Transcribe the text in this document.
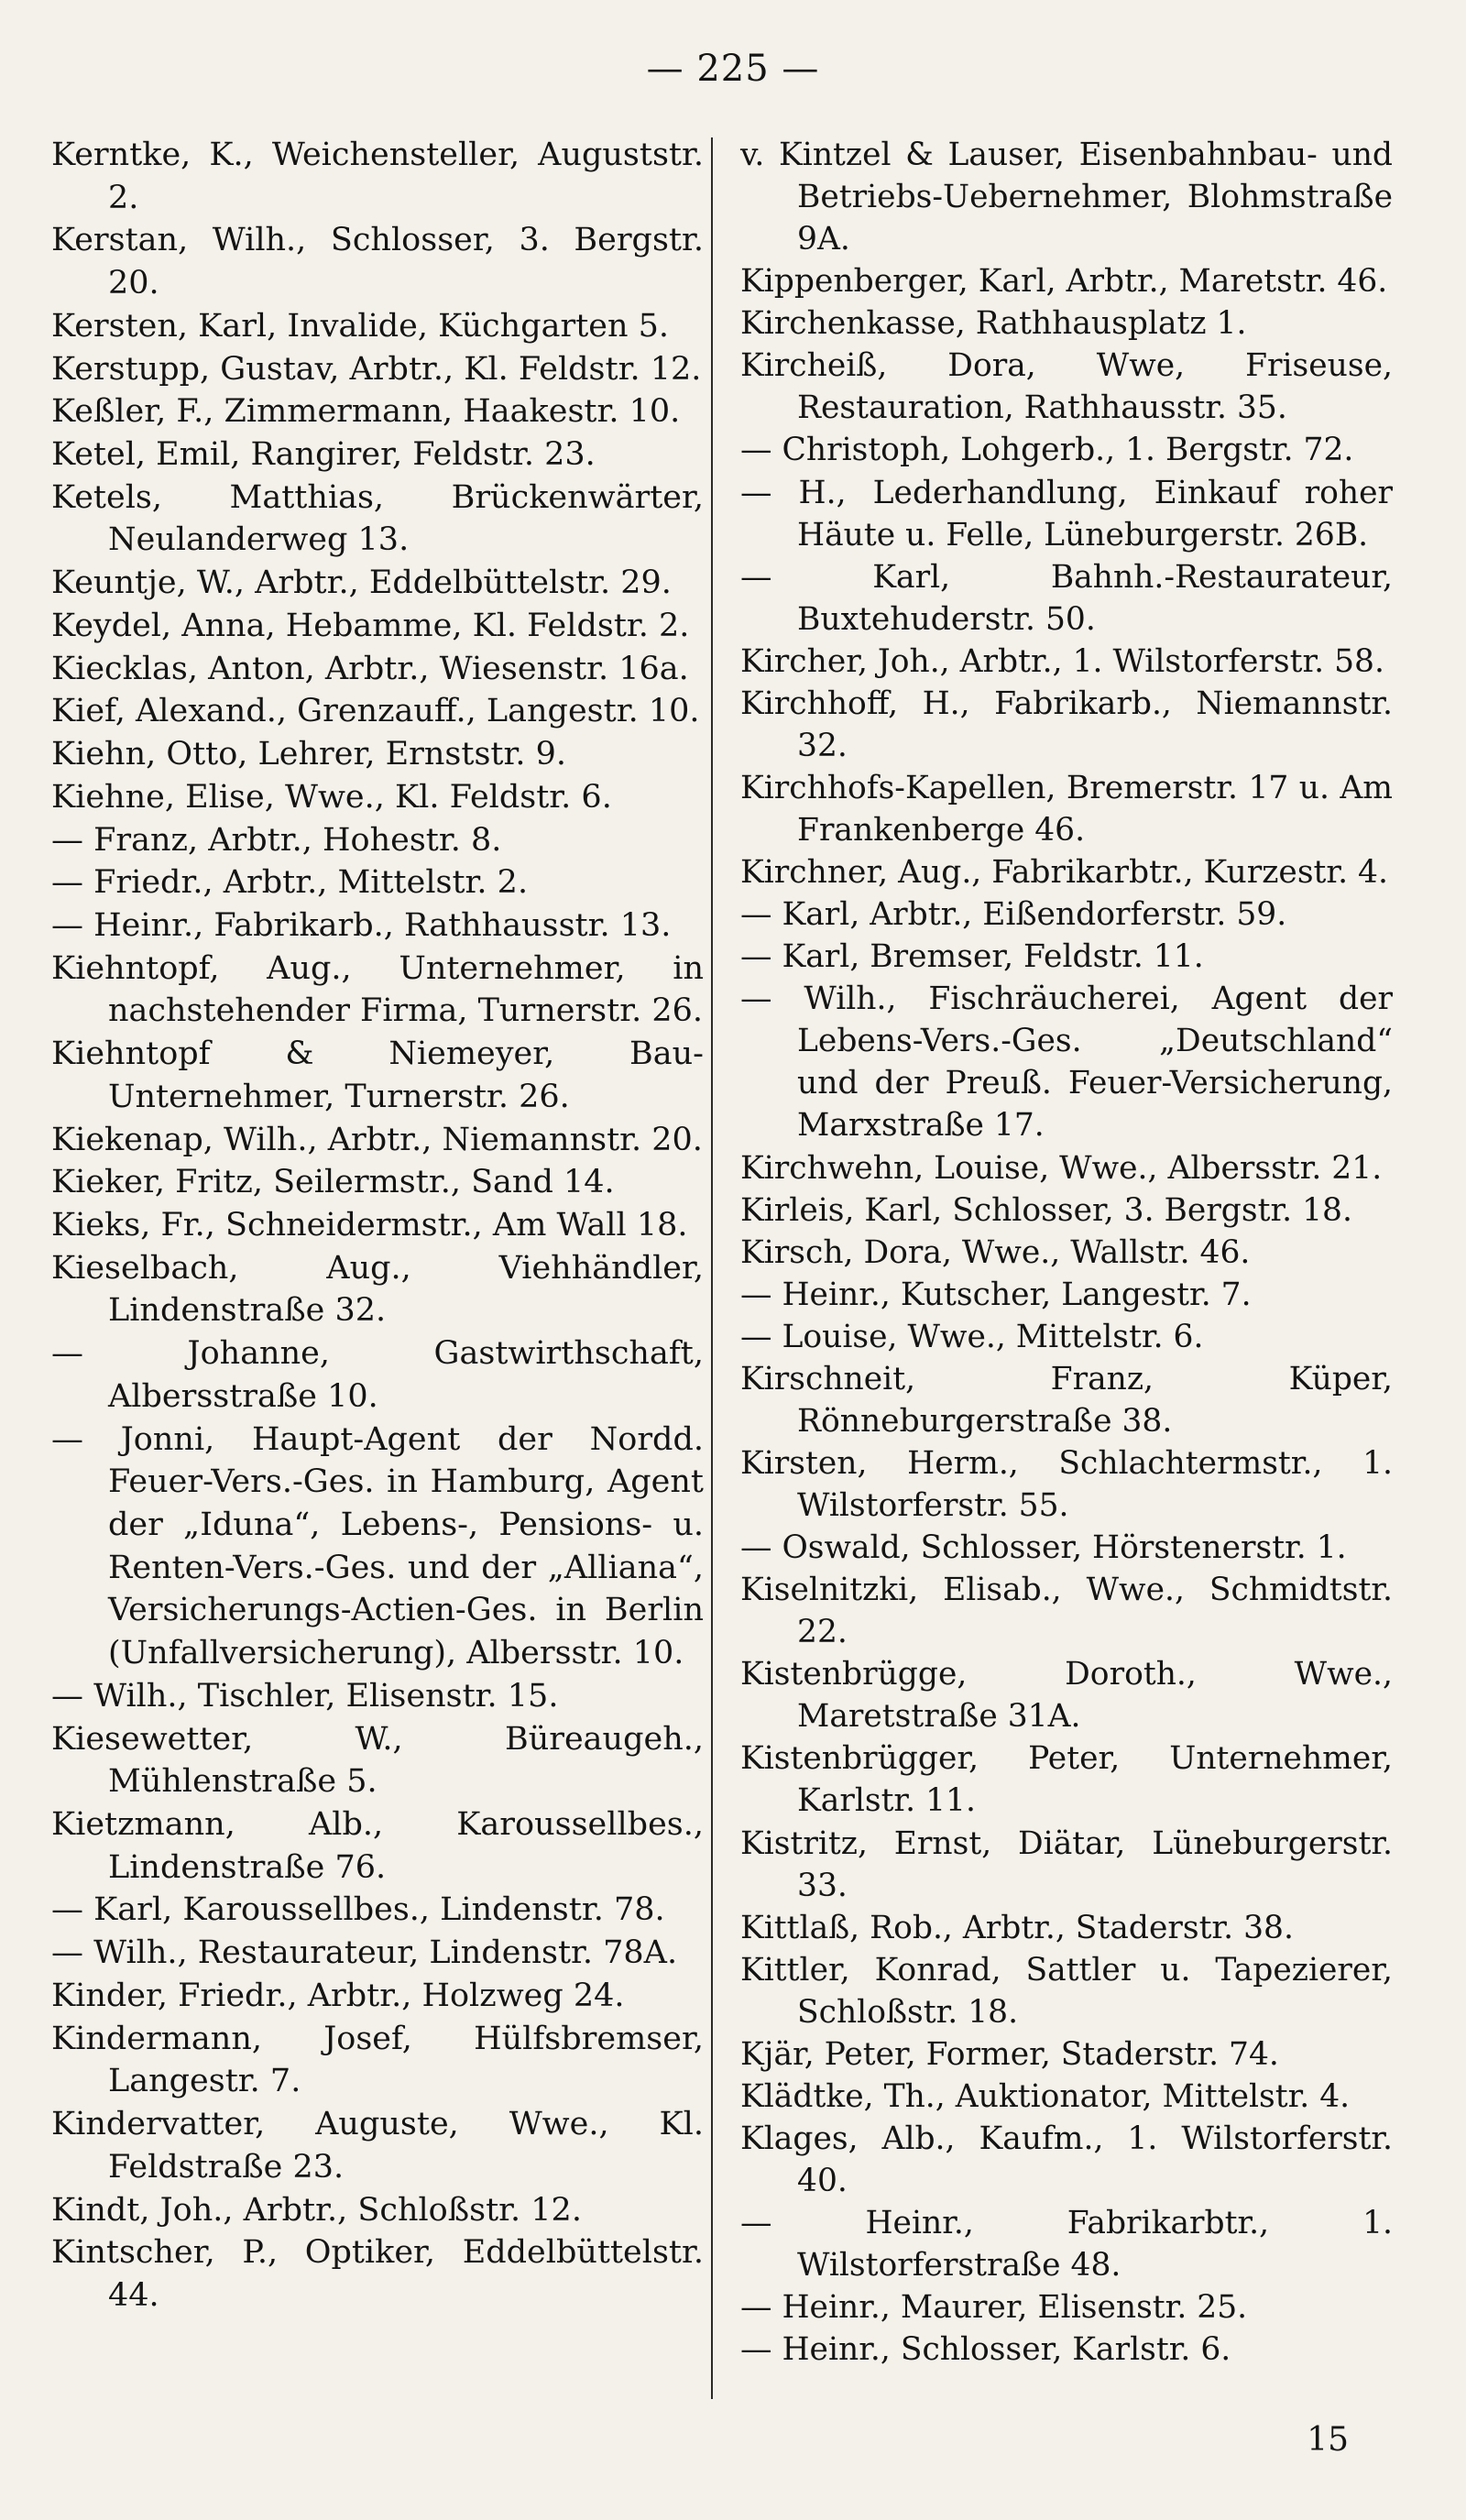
— 225 —

Kerntke, K., Weichensteller, Auguststr. 2.

Kerstan, Wilh., Schlosser, 3. Bergstr. 20.

Kersten, Karl, Invalide, Küchgarten 5.

Kerstupp, Gustav, Arbtr., Kl. Feldstr. 12.

Keßler, F., Zimmermann, Haakestr. 10.

Ketel, Emil, Rangirer, Feldstr. 23.

Ketels, Matthias, Brückenwärter, Neulanderweg 13.

Keuntje, W., Arbtr., Eddelbüttelstr. 29.

Keydel, Anna, Hebamme, Kl. Feldstr. 2.

Kiecklas, Anton, Arbtr., Wiesenstr. 16a.

Kief, Alexand., Grenzauff., Langestr. 10.

Kiehn, Otto, Lehrer, Ernststr. 9.

Kiehne, Elise, Wwe., Kl. Feldstr. 6.

— Franz, Arbtr., Hohestr. 8.

— Friedr., Arbtr., Mittelstr. 2.

— Heinr., Fabrikarb., Rathhausstr. 13.

Kiehntopf, Aug., Unternehmer, in nachstehender Firma, Turnerstr. 26.

Kiehntopf & Niemeyer, Bau-Unternehmer, Turnerstr. 26.

Kiekenap, Wilh., Arbtr., Niemannstr. 20.

Kieker, Fritz, Seilermstr., Sand 14.

Kieks, Fr., Schneidermstr., Am Wall 18.

Kieselbach, Aug., Viehhändler, Lindenstraße 32.

— Johanne, Gastwirthschaft, Albersstraße 10.

— Jonni, Haupt-Agent der Nordd. Feuer-Vers.-Ges. in Hamburg, Agent der „Iduna“, Lebens-, Pensions- u. Renten-Vers.-Ges. und der „Alliana“, Versicherungs-Actien-Ges. in Berlin (Unfallversicherung), Albersstr. 10.

— Wilh., Tischler, Elisenstr. 15.

Kiesewetter, W., Büreaugeh., Mühlenstraße 5.

Kietzmann, Alb., Karoussellbes., Lindenstraße 76.

— Karl, Karoussellbes., Lindenstr. 78.

— Wilh., Restaurateur, Lindenstr. 78A.

Kinder, Friedr., Arbtr., Holzweg 24.

Kindermann, Josef, Hülfsbremser, Langestr. 7.

Kindervatter, Auguste, Wwe., Kl. Feldstraße 23.

Kindt, Joh., Arbtr., Schloßstr. 12.

Kintscher, P., Optiker, Eddelbüttelstr. 44.

v. Kintzel & Lauser, Eisenbahnbau- und Betriebs-Uebernehmer, Blohmstraße 9A.

Kippenberger, Karl, Arbtr., Maretstr. 46.

Kirchenkasse, Rathhausplatz 1.

Kircheiß, Dora, Wwe, Friseuse, Restauration, Rathhausstr. 35.

— Christoph, Lohgerb., 1. Bergstr. 72.

— H., Lederhandlung, Einkauf roher Häute u. Felle, Lüneburgerstr. 26B.

— Karl, Bahnh.-Restaurateur, Buxtehuderstr. 50.

Kircher, Joh., Arbtr., 1. Wilstorferstr. 58.

Kirchhoff, H., Fabrikarb., Niemannstr. 32.

Kirchhofs-Kapellen, Bremerstr. 17 u. Am Frankenberge 46.

Kirchner, Aug., Fabrikarbtr., Kurzestr. 4.

— Karl, Arbtr., Eißendorferstr. 59.

— Karl, Bremser, Feldstr. 11.

— Wilh., Fischräucherei, Agent der Lebens-Vers.-Ges. „Deutschland“ und der Preuß. Feuer-Versicherung, Marxstraße 17.

Kirchwehn, Louise, Wwe., Albersstr. 21.

Kirleis, Karl, Schlosser, 3. Bergstr. 18.

Kirsch, Dora, Wwe., Wallstr. 46.

— Heinr., Kutscher, Langestr. 7.

— Louise, Wwe., Mittelstr. 6.

Kirschneit, Franz, Küper, Rönneburgerstraße 38.

Kirsten, Herm., Schlachtermstr., 1. Wilstorferstr. 55.

— Oswald, Schlosser, Hörstenerstr. 1.

Kiselnitzki, Elisab., Wwe., Schmidtstr. 22.

Kistenbrügge, Doroth., Wwe., Maretstraße 31A.

Kistenbrügger, Peter, Unternehmer, Karlstr. 11.

Kistritz, Ernst, Diätar, Lüneburgerstr. 33.

Kittlaß, Rob., Arbtr., Staderstr. 38.

Kittler, Konrad, Sattler u. Tapezierer, Schloßstr. 18.

Kjär, Peter, Former, Staderstr. 74.

Klädtke, Th., Auktionator, Mittelstr. 4.

Klages, Alb., Kaufm., 1. Wilstorferstr. 40.

— Heinr., Fabrikarbtr., 1. Wilstorferstraße 48.

— Heinr., Maurer, Elisenstr. 25.

— Heinr., Schlosser, Karlstr. 6.

15
